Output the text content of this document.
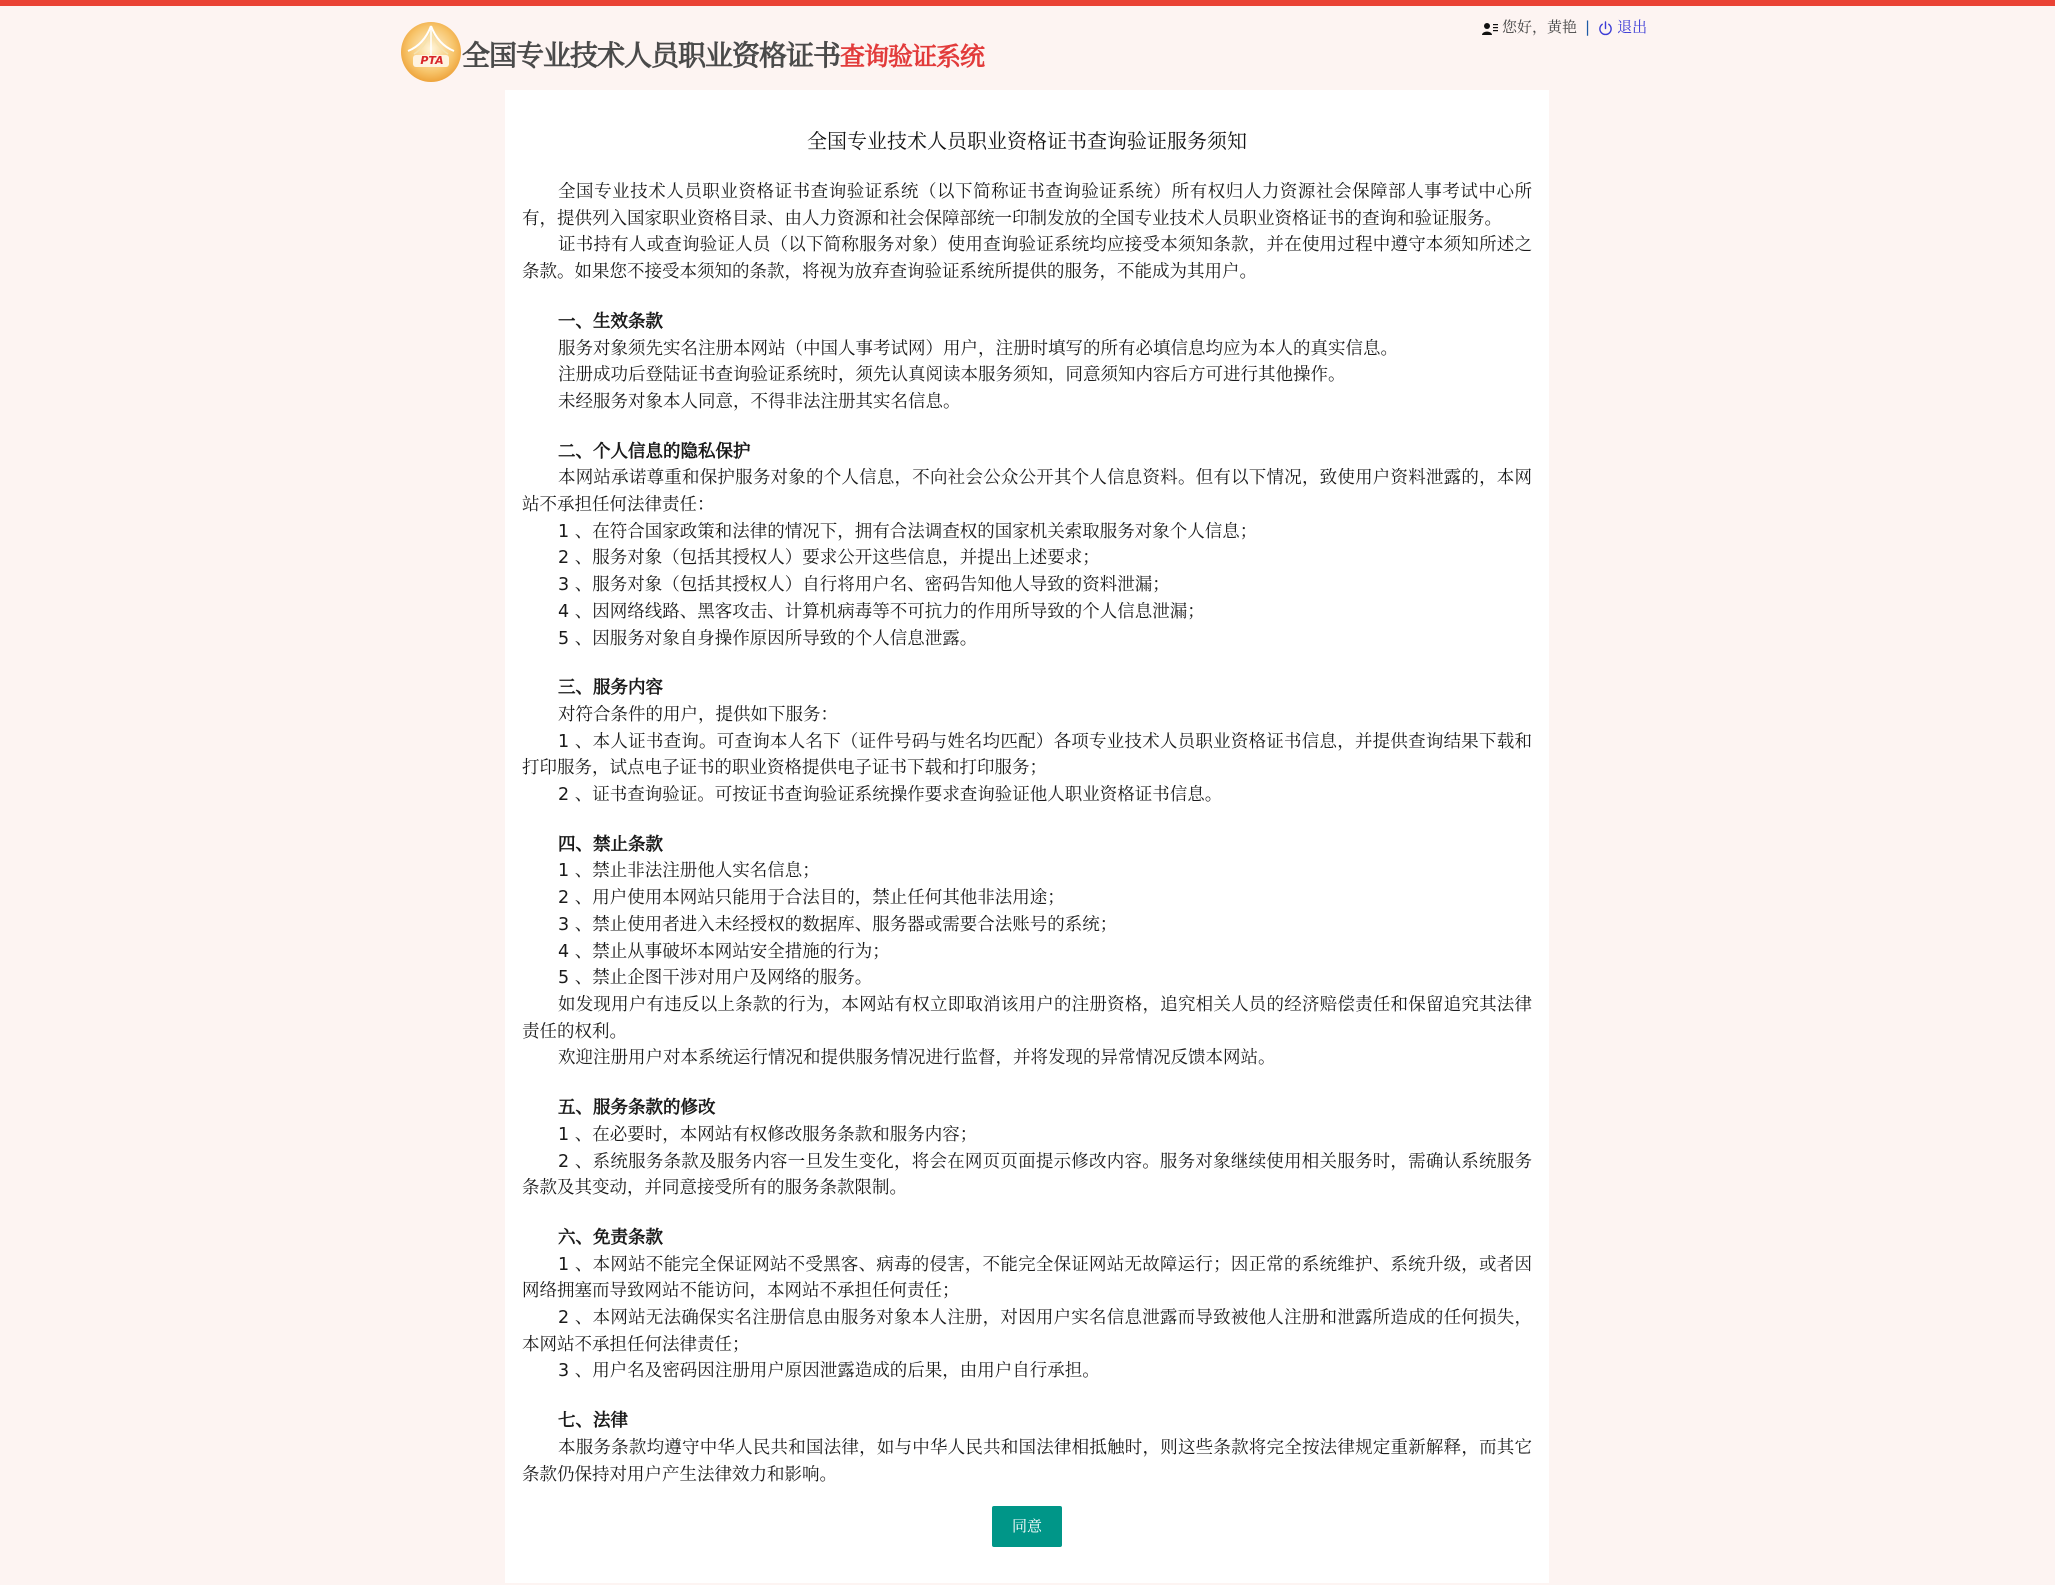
PTA 全国专业技术人员职业资格证书查询验证系统
您好，黄艳 | 退出
全国专业技术人员职业资格证书查询验证服务须知

全国专业技术人员职业资格证书查询验证系统（以下简称证书查询验证系统）所有权归人力资源社会保障部人事考试中心所有，提供列入国家职业资格目录、由人力资源和社会保障部统一印制发放的全国专业技术人员职业资格证书的查询和验证服务。

证书持有人或查询验证人员（以下简称服务对象）使用查询验证系统均应接受本须知条款，并在使用过程中遵守本须知所述之条款。如果您不接受本须知的条款，将视为放弃查询验证系统所提供的服务，不能成为其用户。

一、生效条款

服务对象须先实名注册本网站（中国人事考试网）用户，注册时填写的所有必填信息均应为本人的真实信息。

注册成功后登陆证书查询验证系统时，须先认真阅读本服务须知，同意须知内容后方可进行其他操作。

未经服务对象本人同意，不得非法注册其实名信息。

二、个人信息的隐私保护

本网站承诺尊重和保护服务对象的个人信息，不向社会公众公开其个人信息资料。但有以下情况，致使用户资料泄露的，本网站不承担任何法律责任：

1 、在符合国家政策和法律的情况下，拥有合法调查权的国家机关索取服务对象个人信息；

2 、服务对象（包括其授权人）要求公开这些信息，并提出上述要求；

3 、服务对象（包括其授权人）自行将用户名、密码告知他人导致的资料泄漏；

4 、因网络线路、黑客攻击、计算机病毒等不可抗力的作用所导致的个人信息泄漏；

5 、因服务对象自身操作原因所导致的个人信息泄露。

三、服务内容

对符合条件的用户，提供如下服务：

1 、本人证书查询。可查询本人名下（证件号码与姓名均匹配）各项专业技术人员职业资格证书信息，并提供查询结果下载和打印服务，试点电子证书的职业资格提供电子证书下载和打印服务；

2 、证书查询验证。可按证书查询验证系统操作要求查询验证他人职业资格证书信息。

四、禁止条款

1 、禁止非法注册他人实名信息；

2 、用户使用本网站只能用于合法目的，禁止任何其他非法用途；

3 、禁止使用者进入未经授权的数据库、服务器或需要合法账号的系统；

4 、禁止从事破坏本网站安全措施的行为；

5 、禁止企图干涉对用户及网络的服务。

如发现用户有违反以上条款的行为，本网站有权立即取消该用户的注册资格，追究相关人员的经济赔偿责任和保留追究其法律责任的权利。

欢迎注册用户对本系统运行情况和提供服务情况进行监督，并将发现的异常情况反馈本网站。

五、服务条款的修改

1 、在必要时，本网站有权修改服务条款和服务内容；

2 、系统服务条款及服务内容一旦发生变化，将会在网页页面提示修改内容。服务对象继续使用相关服务时，需确认系统服务条款及其变动，并同意接受所有的服务条款限制。

六、免责条款

1 、本网站不能完全保证网站不受黑客、病毒的侵害，不能完全保证网站无故障运行；因正常的系统维护、系统升级，或者因网络拥塞而导致网站不能访问，本网站不承担任何责任；

2 、本网站无法确保实名注册信息由服务对象本人注册，对因用户实名信息泄露而导致被他人注册和泄露所造成的任何损失，本网站不承担任何法律责任；

3 、用户名及密码因注册用户原因泄露造成的后果，由用户自行承担。

七、法律

本服务条款均遵守中华人民共和国法律，如与中华人民共和国法律相抵触时，则这些条款将完全按法律规定重新解释，而其它条款仍保持对用户产生法律效力和影响。

同意
